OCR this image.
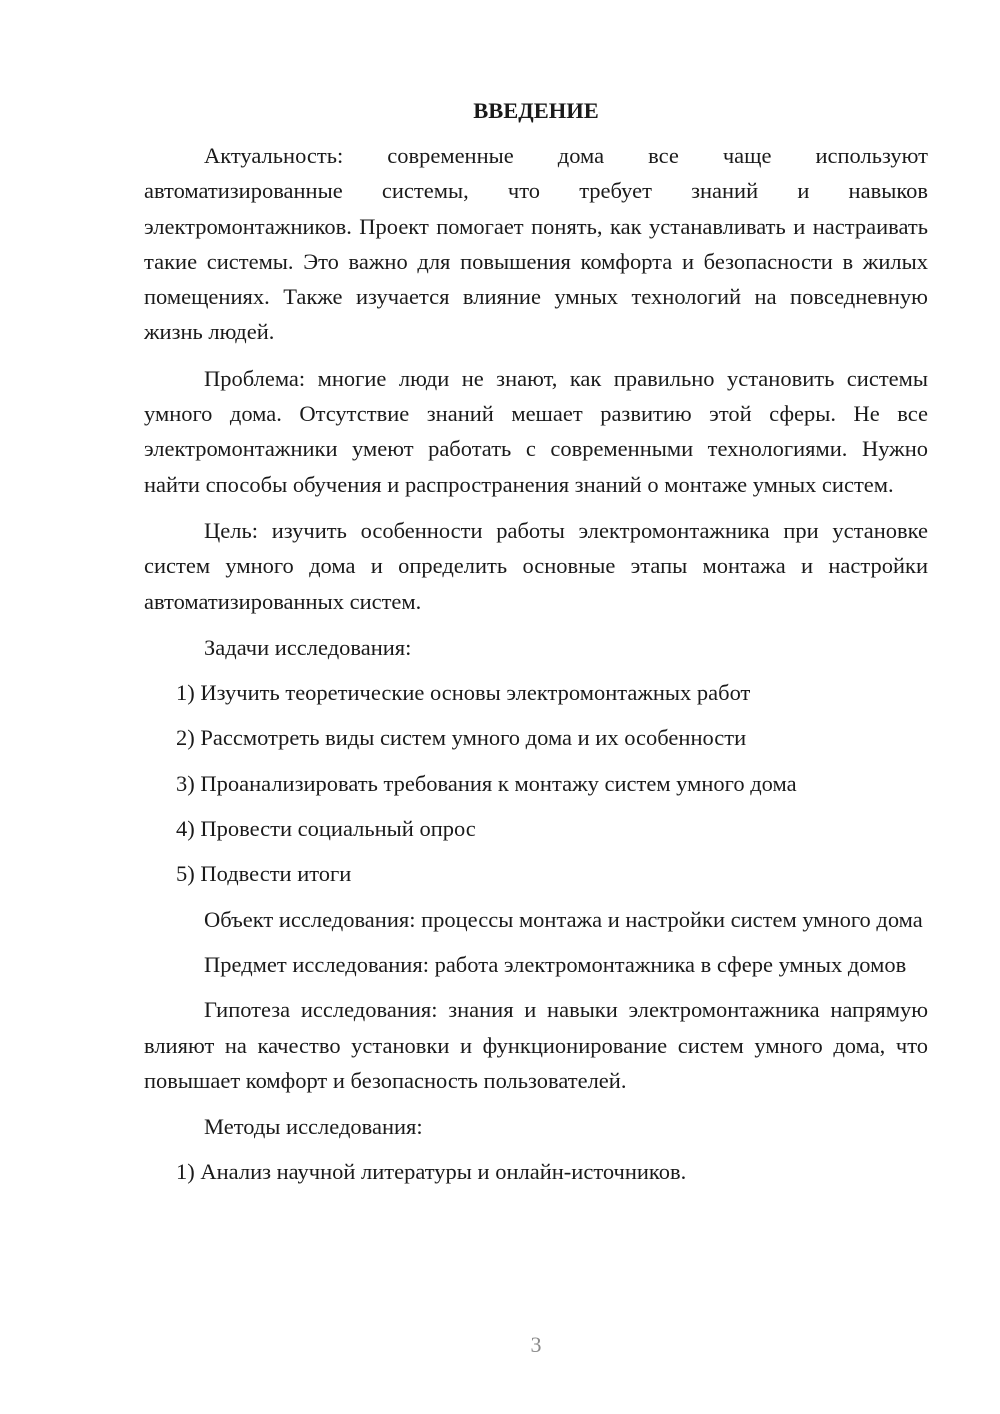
ВВЕДЕНИЕ

Актуальность: современные дома все чаще используют автоматизированные системы, что требует знаний и навыков электромонтажников. Проект помогает понять, как устанавливать и настраивать такие системы. Это важно для повышения комфорта и безопасности в жилых помещениях. Также изучается влияние умных технологий на повседневную жизнь людей.

Проблема: многие люди не знают, как правильно установить системы умного дома. Отсутствие знаний мешает развитию этой сферы. Не все электромонтажники умеют работать с современными технологиями. Нужно найти способы обучения и распространения знаний о монтаже умных систем.

Цель: изучить особенности работы электромонтажника при установке систем умного дома и определить основные этапы монтажа и настройки автоматизированных систем.

Задачи исследования:

1) Изучить теоретические основы электромонтажных работ

2) Рассмотреть виды систем умного дома и их особенности

3) Проанализировать требования к монтажу систем умного дома

4) Провести социальный опрос

5) Подвести итоги

Объект исследования: процессы монтажа и настройки систем умного дома

Предмет исследования: работа электромонтажника в сфере умных домов

Гипотеза исследования: знания и навыки электромонтажника напрямую влияют на качество установки и функционирование систем умного дома, что повышает комфорт и безопасность пользователей.

Методы исследования:

1) Анализ научной литературы и онлайн-источников.

3
